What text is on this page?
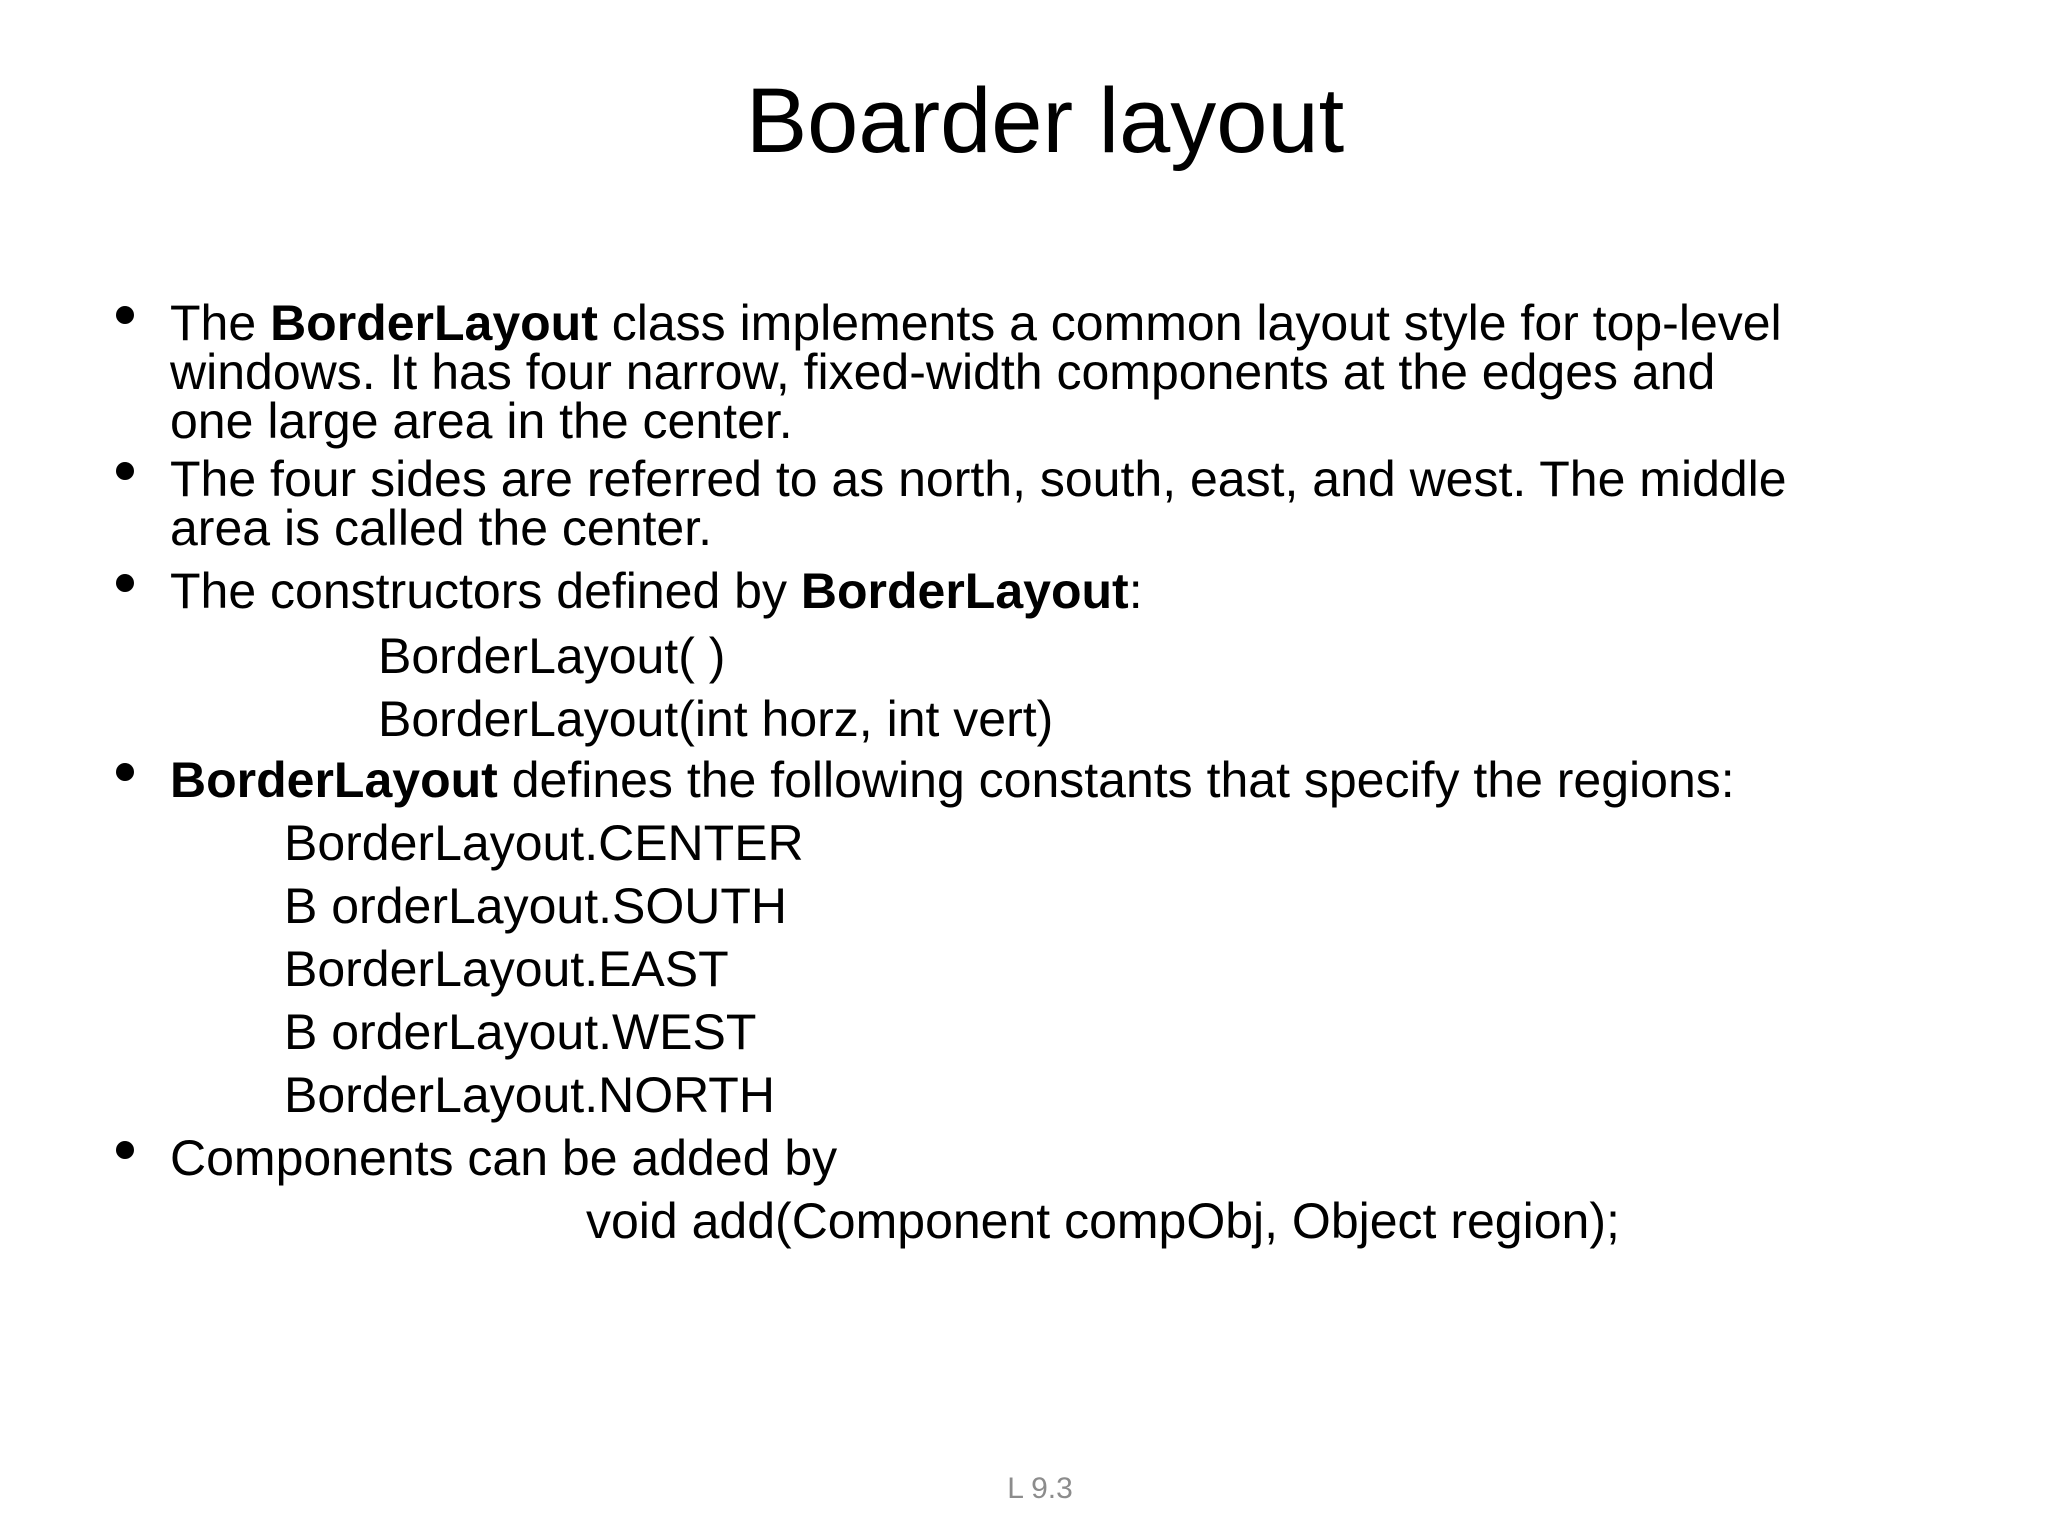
Boarder layout
The BorderLayout class implements a common layout style for top-level
windows. It has four narrow, fixed-width components at the edges and
one large area in the center.
The four sides are referred to as north, south, east, and west. The middle
area is called the center.
The constructors defined by BorderLayout:
BorderLayout( )
BorderLayout(int horz, int vert)
BorderLayout defines the following constants that specify the regions:
BorderLayout.CENTER
B orderLayout.SOUTH
BorderLayout.EAST
B orderLayout.WEST
BorderLayout.NORTH
Components can be added by
void add(Component compObj, Object region);
L 9.3
